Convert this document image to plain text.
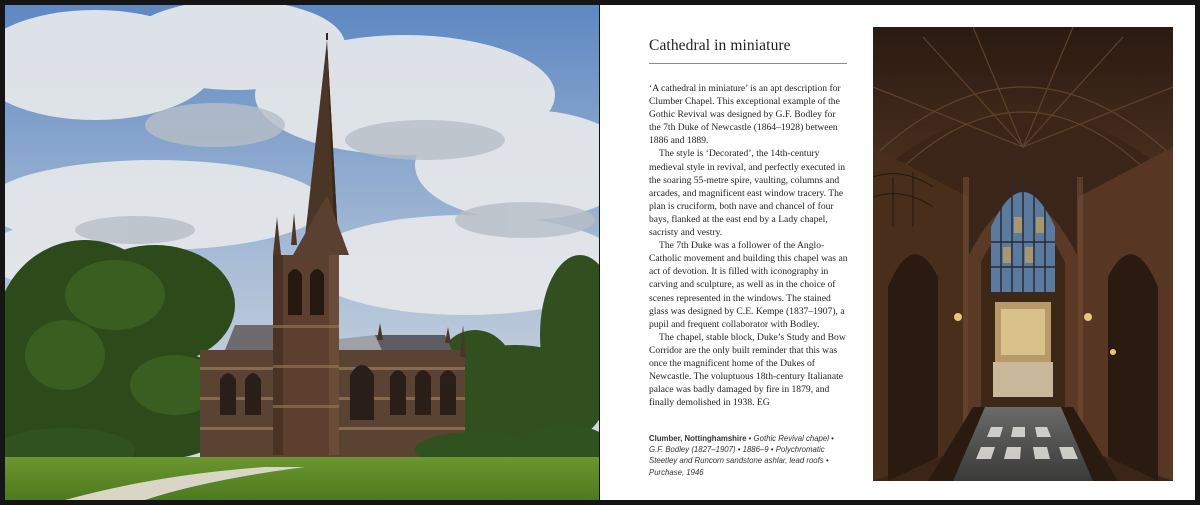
Cathedral in miniature

‘A cathedral in miniature’ is an apt description for Clumber Chapel. This exceptional example of the Gothic Revival was designed by G.F. Bodley for the 7th Duke of Newcastle (1864–1928) between 1886 and 1889.

The style is ‘Decorated’, the 14th-century medieval style in revival, and perfectly executed in the soaring 55-metre spire, vaulting, columns and arcades, and magnificent east window tracery. The plan is cruciform, both nave and chancel of four bays, flanked at the east end by a Lady chapel, sacristy and vestry.

The 7th Duke was a follower of the Anglo-Catholic movement and building this chapel was an act of devotion. It is filled with iconography in carving and sculpture, as well as in the choice of scenes represented in the windows. The stained glass was designed by C.E. Kempe (1837–1907), a pupil and frequent collaborator with Bodley.

The chapel, stable block, Duke’s Study and Bow Corridor are the only built reminder that this was once the magnificent home of the Dukes of Newcastle. The voluptuous 18th-century Italianate palace was badly damaged by fire in 1879, and finally demolished in 1938. EG

Clumber, Nottinghamshire • Gothic Revival chapel • G.F. Bodley (1827–1907) • 1886–9 • Polychromatic Steetley and Runcorn sandstone ashlar, lead roofs • Purchase, 1946
